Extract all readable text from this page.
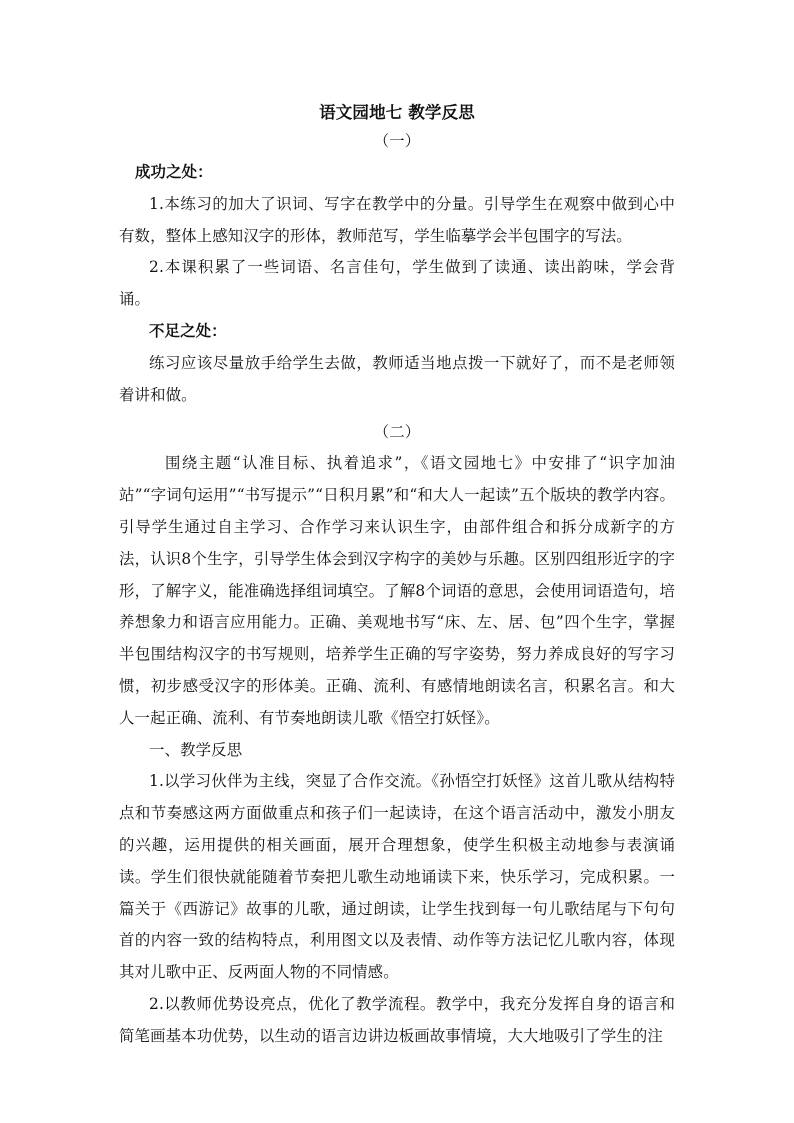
语文园地七 教学反思
（一）
成功之处：

1.本练习的加大了识词、写字在教学中的分量。引导学生在观察中做到心中有数，整体上感知汉字的形体，教师范写，学生临摹学会半包围字的写法。

2.本课积累了一些词语、名言佳句，学生做到了读通、读出韵味，学会背诵。

不足之处：

练习应该尽量放手给学生去做，教师适当地点拨一下就好了，而不是老师领着讲和做。

（二）

围绕主题“认准目标、执着追求”，《语文园地七》中安排了“识字加油站”“字词句运用”“书写提示”“日积月累”和“和大人一起读”五个版块的教学内容。引导学生通过自主学习、合作学习来认识生字，由部件组合和拆分成新字的方法，认识8个生字，引导学生体会到汉字构字的美妙与乐趣。区别四组形近字的字形，了解字义，能准确选择组词填空。了解8个词语的意思，会使用词语造句，培养想象力和语言应用能力。正确、美观地书写“床、左、居、包”四个生字，掌握半包围结构汉字的书写规则，培养学生正确的写字姿势，努力养成良好的写字习惯，初步感受汉字的形体美。正确、流利、有感情地朗读名言，积累名言。和大人一起正确、流利、有节奏地朗读儿歌《悟空打妖怪》。

一、教学反思

1.以学习伙伴为主线，突显了合作交流。《孙悟空打妖怪》这首儿歌从结构特点和节奏感这两方面做重点和孩子们一起读诗，在这个语言活动中，激发小朋友的兴趣，运用提供的相关画面，展开合理想象，使学生积极主动地参与表演诵读。学生们很快就能随着节奏把儿歌生动地诵读下来，快乐学习，完成积累。一篇关于《西游记》故事的儿歌，通过朗读，让学生找到每一句儿歌结尾与下句句首的内容一致的结构特点，利用图文以及表情、动作等方法记忆儿歌内容，体现其对儿歌中正、反两面人物的不同情感。

2.以教师优势设亮点，优化了教学流程。教学中，我充分发挥自身的语言和简笔画基本功优势，以生动的语言边讲边板画故事情境，大大地吸引了学生的注
